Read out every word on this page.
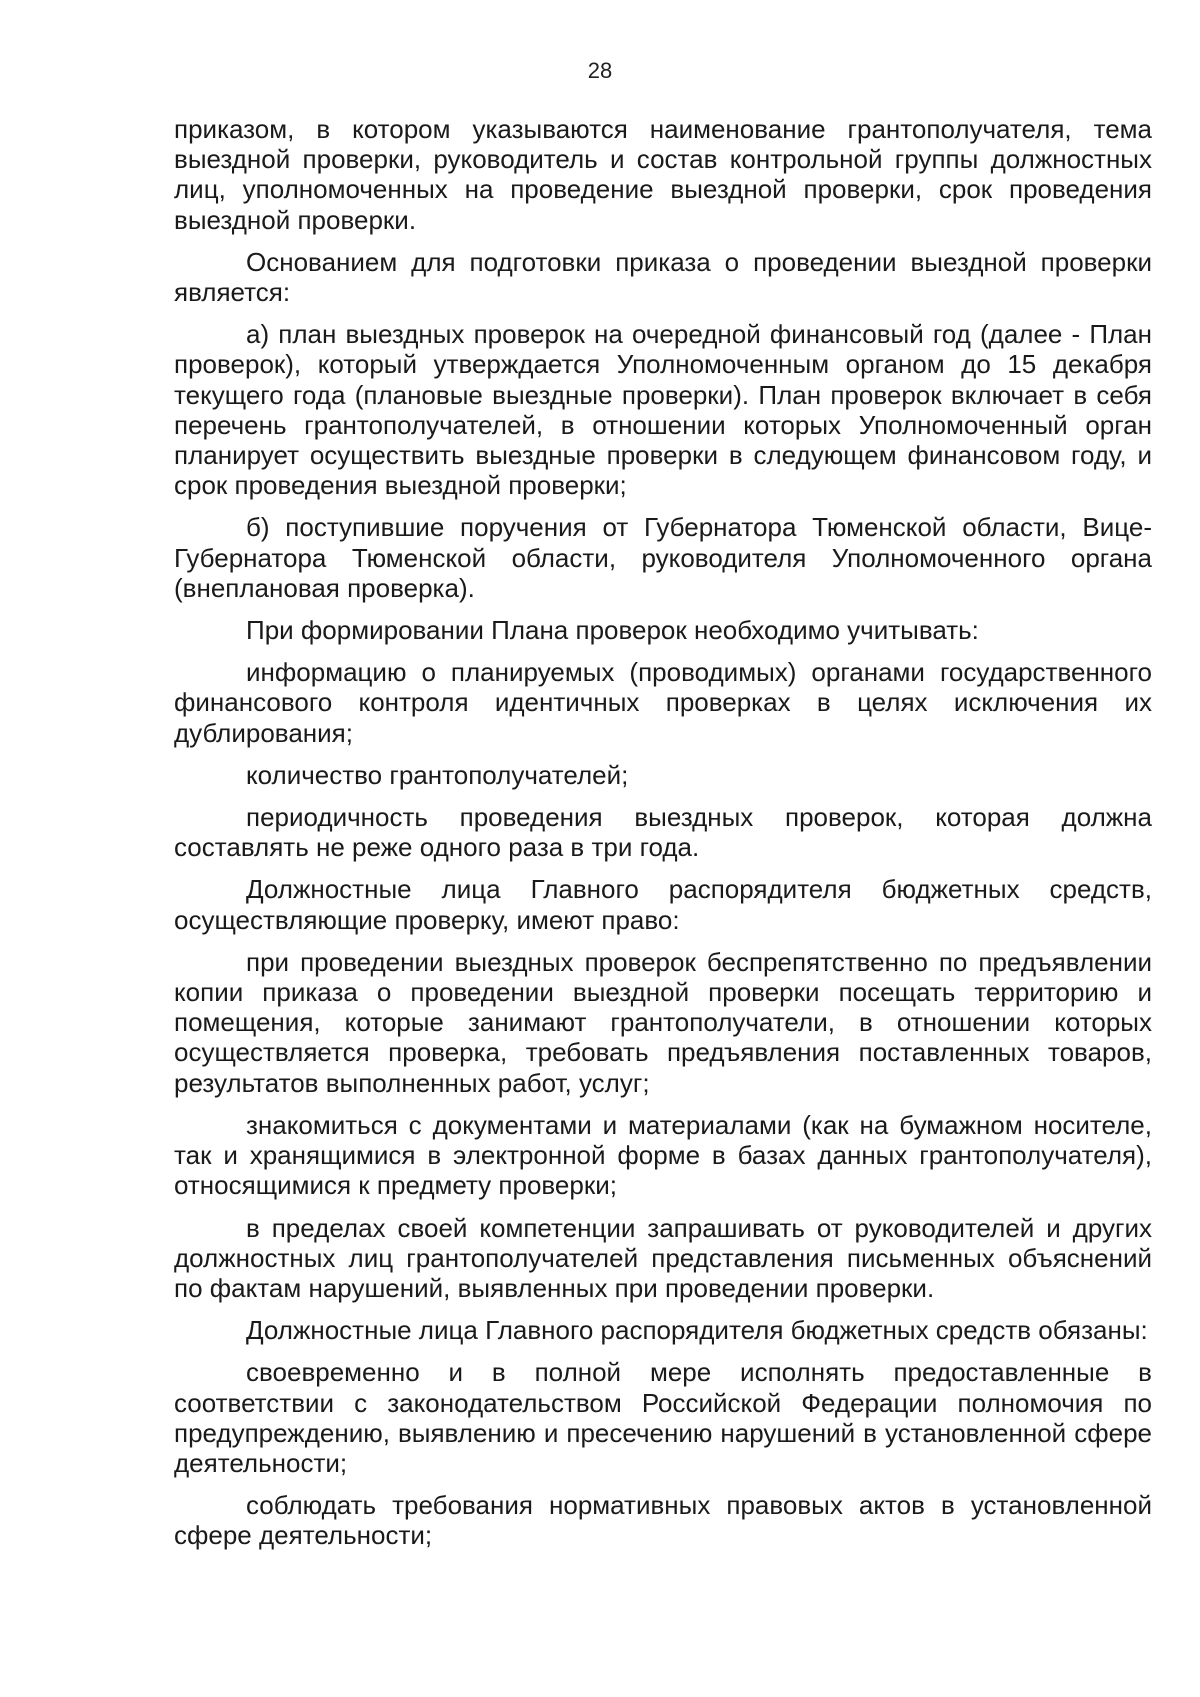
28

приказом, в котором указываются наименование грантополучателя, тема выездной проверки, руководитель и состав контрольной группы должностных лиц, уполномоченных на проведение выездной проверки, срок проведения выездной проверки.

Основанием для подготовки приказа о проведении выездной проверки является:

а) план выездных проверок на очередной финансовый год (далее - План проверок), который утверждается Уполномоченным органом до 15 декабря текущего года (плановые выездные проверки). План проверок включает в себя перечень грантополучателей, в отношении которых Уполномоченный орган планирует осуществить выездные проверки в следующем финансовом году, и срок проведения выездной проверки;

б) поступившие поручения от Губернатора Тюменской области, Вице-Губернатора Тюменской области, руководителя Уполномоченного органа (внеплановая проверка).

При формировании Плана проверок необходимо учитывать:

информацию о планируемых (проводимых) органами государственного финансового контроля идентичных проверках в целях исключения их дублирования;

количество грантополучателей;

периодичность проведения выездных проверок, которая должна составлять не реже одного раза в три года.

Должностные лица Главного распорядителя бюджетных средств, осуществляющие проверку, имеют право:

при проведении выездных проверок беспрепятственно по предъявлении копии приказа о проведении выездной проверки посещать территорию и помещения, которые занимают грантополучатели, в отношении которых осуществляется проверка, требовать предъявления поставленных товаров, результатов выполненных работ, услуг;

знакомиться с документами и материалами (как на бумажном носителе, так и хранящимися в электронной форме в базах данных грантополучателя), относящимися к предмету проверки;

в пределах своей компетенции запрашивать от руководителей и других должностных лиц грантополучателей представления письменных объяснений по фактам нарушений, выявленных при проведении проверки.

Должностные лица Главного распорядителя бюджетных средств обязаны:

своевременно и в полной мере исполнять предоставленные в соответствии с законодательством Российской Федерации полномочия по предупреждению, выявлению и пресечению нарушений в установленной сфере деятельности;

соблюдать требования нормативных правовых актов в установленной сфере деятельности;
